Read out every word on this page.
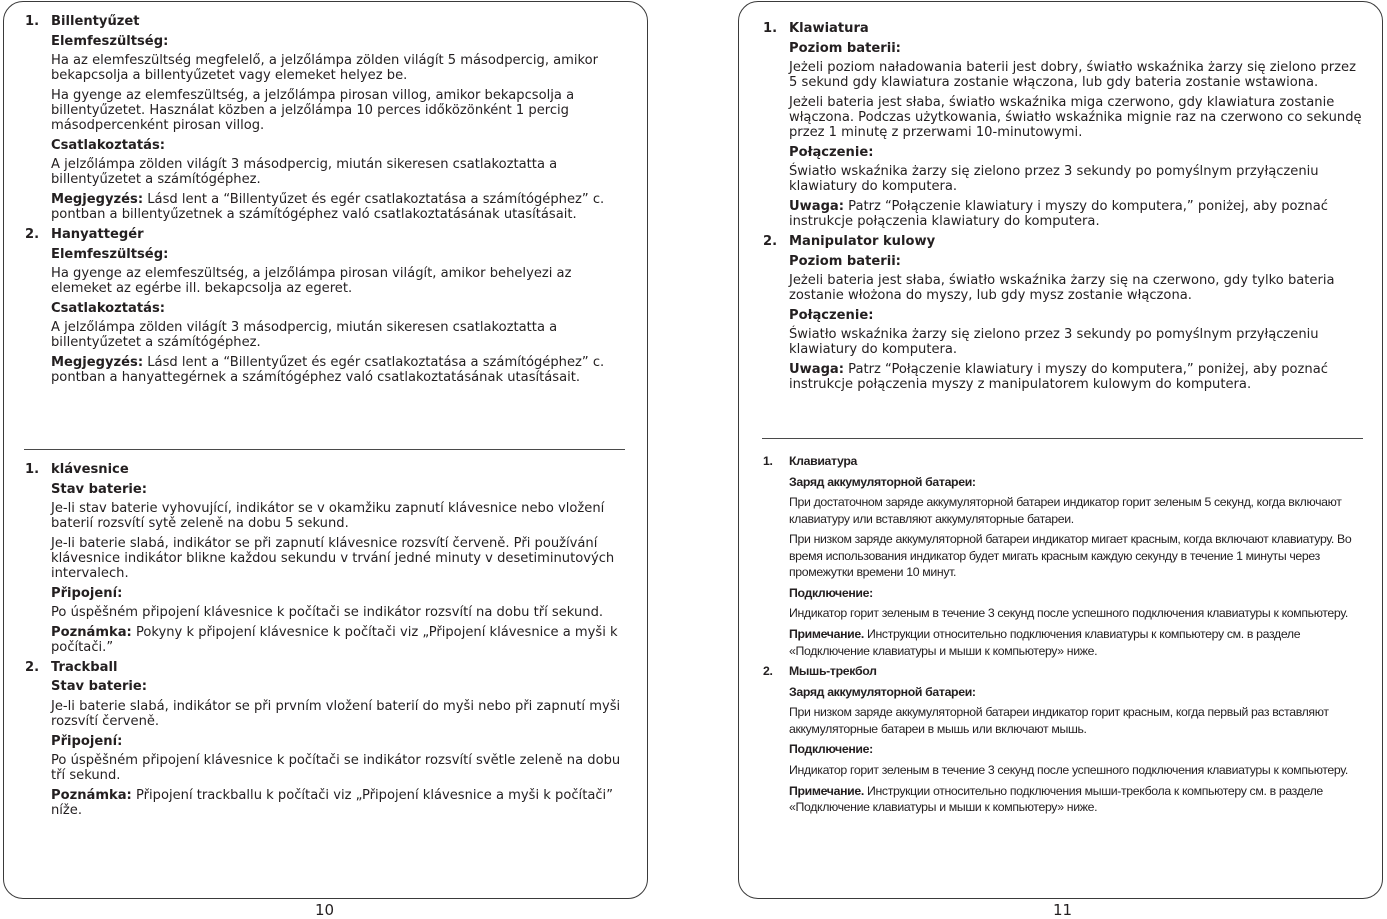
1. Billentyűzet
Elemfeszültség:

Ha az elemfeszültség megfelelő, a jelzőlámpa zölden világít 5 másodpercig, amikor bekapcsolja a billentyűzetet vagy elemeket helyez be.

Ha gyenge az elemfeszültség, a jelzőlámpa pirosan villog, amikor bekapcsolja a billentyűzetet. Használat közben a jelzőlámpa 10 perces időközönként 1 percig másodpercenként pirosan villog.

Csatlakoztatás:

A jelzőlámpa zölden világít 3 másodpercig, miután sikeresen csatlakoztatta a billentyűzetet a számítógéphez.

Megjegyzés: Lásd lent a “Billentyűzet és egér csatlakoztatása a számítógéphez” c. pontban a billentyűzetnek a számítógéphez való csatlakoztatásának utasításait.

2. Hanyattegér
Elemfeszültség:

Ha gyenge az elemfeszültség, a jelzőlámpa pirosan világít, amikor behelyezi az elemeket az egérbe ill. bekapcsolja az egeret.

Csatlakoztatás:

A jelzőlámpa zölden világít 3 másodpercig, miután sikeresen csatlakoztatta a billentyűzetet a számítógéphez.

Megjegyzés: Lásd lent a “Billentyűzet és egér csatlakoztatása a számítógéphez” c. pontban a hanyattegérnek a számítógéphez való csatlakoztatásának utasításait.

1. klávesnice
Stav baterie:

Je-li stav baterie vyhovující, indikátor se v okamžiku zapnutí klávesnice nebo vložení baterií rozsvítí sytě zeleně na dobu 5 sekund.

Je-li baterie slabá, indikátor se při zapnutí klávesnice rozsvítí červeně. Při používání klávesnice indikátor blikne každou sekundu v trvání jedné minuty v desetiminutových intervalech.

Připojení:

Po úspěšném připojení klávesnice k počítači se indikátor rozsvítí na dobu tří sekund.

Poznámka: Pokyny k připojení klávesnice k počítači viz „Připojení klávesnice a myši k počítači.”

2. Trackball
Stav baterie:

Je-li baterie slabá, indikátor se při prvním vložení baterií do myši nebo při zapnutí myši rozsvítí červeně.

Připojení:

Po úspěšném připojení klávesnice k počítači se indikátor rozsvítí světle zeleně na dobu tří sekund.

Poznámka: Připojení trackballu k počítači viz „Připojení klávesnice a myši k počítači” níže.

1. Klawiatura
Poziom baterii:

Jeżeli poziom naładowania baterii jest dobry, światło wskaźnika żarzy się zielono przez 5 sekund gdy klawiatura zostanie włączona, lub gdy bateria zostanie wstawiona.

Jeżeli bateria jest słaba, światło wskaźnika miga czerwono, gdy klawiatura zostanie włączona. Podczas użytkowania, światło wskaźnika mignie raz na czerwono co sekundę przez 1 minutę z przerwami 10-minutowymi.

Połączenie:

Światło wskaźnika żarzy się zielono przez 3 sekundy po pomyślnym przyłączeniu klawiatury do komputera.

Uwaga: Patrz “Połączenie klawiatury i myszy do komputera,” poniżej, aby poznać instrukcje połączenia klawiatury do komputera.

2. Manipulator kulowy
Poziom baterii:

Jeżeli bateria jest słaba, światło wskaźnika żarzy się na czerwono, gdy tylko bateria zostanie włożona do myszy, lub gdy mysz zostanie włączona.

Połączenie:

Światło wskaźnika żarzy się zielono przez 3 sekundy po pomyślnym przyłączeniu klawiatury do komputera.

Uwaga: Patrz “Połączenie klawiatury i myszy do komputera,” poniżej, aby poznać instrukcje połączenia myszy z manipulatorem kulowym do komputera.

1. Клавиатура
Заряд аккумуляторной батареи:

При достаточном заряде аккумуляторной батареи индикатор горит зеленым 5 секунд, когда включают клавиатуру или вставляют аккумуляторные батареи.

При низком заряде аккумуляторной батареи индикатор мигает красным, когда включают клавиатуру. Во время использования индикатор будет мигать красным каждую секунду в течение 1 минуты через промежутки времени 10 минут.

Подключение:

Индикатор горит зеленым в течение 3 секунд после успешного подключения клавиатуры к компьютеру.

Примечание. Инструкции относительно подключения клавиатуры к компьютеру см. в разделе «Подключение клавиатуры и мыши к компьютеру» ниже.

2. Мышь-трекбол
Заряд аккумуляторной батареи:

При низком заряде аккумуляторной батареи индикатор горит красным, когда первый раз вставляют аккумуляторные батареи в мышь или включают мышь.

Подключение:

Индикатор горит зеленым в течение 3 секунд после успешного подключения клавиатуры к компьютеру.

Примечание. Инструкции относительно подключения мыши-трекбола к компьютеру см. в разделе «Подключение клавиатуры и мыши к компьютеру» ниже.

10	11
